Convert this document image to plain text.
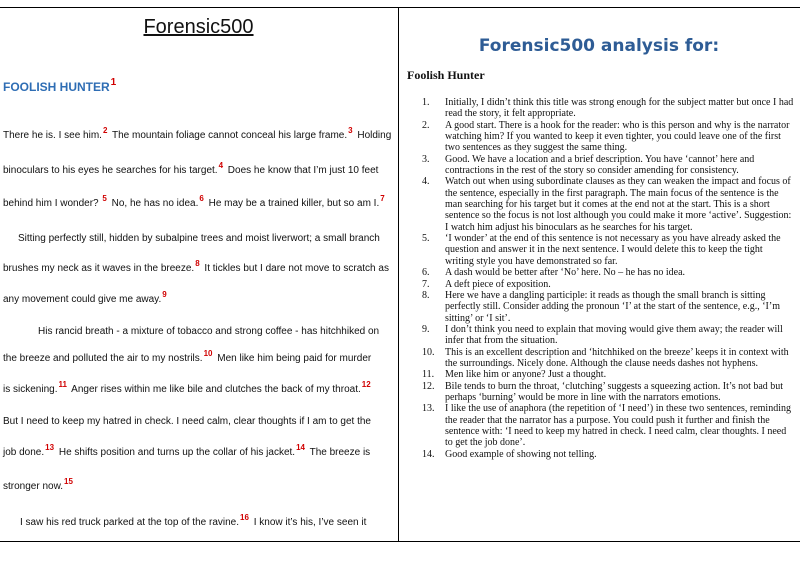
Forensic500
FOOLISH HUNTER$^1$
There he is. I see him.$^2$ The mountain foliage cannot conceal his large frame.$^3$ Holding
binoculars to his eyes he searches for his target.$^4$ Does he know that I’m just 10 feet
behind him I wonder? $^5$ No, he has no idea.$^6$ He may be a trained killer, but so am I.$^7$
Sitting perfectly still, hidden by subalpine trees and moist liverwort; a small branch
brushes my neck as it waves in the breeze.$^8$ It tickles but I dare not move to scratch as
any movement could give me away.$^9$
His rancid breath - a mixture of tobacco and strong coffee - has hitchhiked on
the breeze and polluted the air to my nostrils.$^{10}$ Men like him being paid for murder
is sickening.$^{11}$ Anger rises within me like bile and clutches the back of my throat.$^{12}$
But I need to keep my hatred in check. I need calm, clear thoughts if I am to get the
job done.$^{13}$ He shifts position and turns up the collar of his jacket.$^{14}$ The breeze is
stronger now.$^{15}$
I saw his red truck parked at the top of the ravine.$^{16}$ I know it’s his, I’ve seen it
Forensic500 analysis for:
Foolish Hunter
1.	Initially, I didn’t think this title was strong enough for the subject matter but once I had read the story, it felt appropriate.
2.	A good start. There is a hook for the reader: who is this person and why is the narrator watching him? If you wanted to keep it even tighter, you could leave one of the first two sentences as they suggest the same thing.
3.	Good. We have a location and a brief description. You have ‘cannot’ here and contractions in the rest of the story so consider amending for consistency.
4.	Watch out when using subordinate clauses as they can weaken the impact and focus of the sentence, especially in the first paragraph. The main focus of the sentence is the man searching for his target but it comes at the end not at the start. This is a short sentence so the focus is not lost although you could make it more ‘active’. Suggestion: I watch him adjust his binoculars as he searches for his target.
5.	‘I wonder’ at the end of this sentence is not necessary as you have already asked the question and answer it in the next sentence. I would delete this to keep the tight writing style you have demonstrated so far.
6.	A dash would be better after ‘No’ here. No – he has no idea.
7.	A deft piece of exposition.
8.	Here we have a dangling participle: it reads as though the small branch is sitting perfectly still. Consider adding the pronoun ‘I’ at the start of the sentence, e.g., ‘I’m sitting’ or ‘I sit’.
9.	I don’t think you need to explain that moving would give them away; the reader will infer that from the situation.
10.	This is an excellent description and ‘hitchhiked on the breeze’ keeps it in context with the surroundings. Nicely done. Although the clause needs dashes not hyphens.
11.	Men like him or anyone? Just a thought.
12.	Bile tends to burn the throat, ‘clutching’ suggests a squeezing action. It’s not bad but perhaps ‘burning’ would be more in line with the narrators emotions.
13.	I like the use of anaphora (the repetition of ‘I need’) in these two sentences, reminding the reader that the narrator has a purpose. You could push it further and finish the sentence with: ‘I need to keep my hatred in check. I need calm, clear thoughts. I need to get the job done’.
14.	Good example of showing not telling.
